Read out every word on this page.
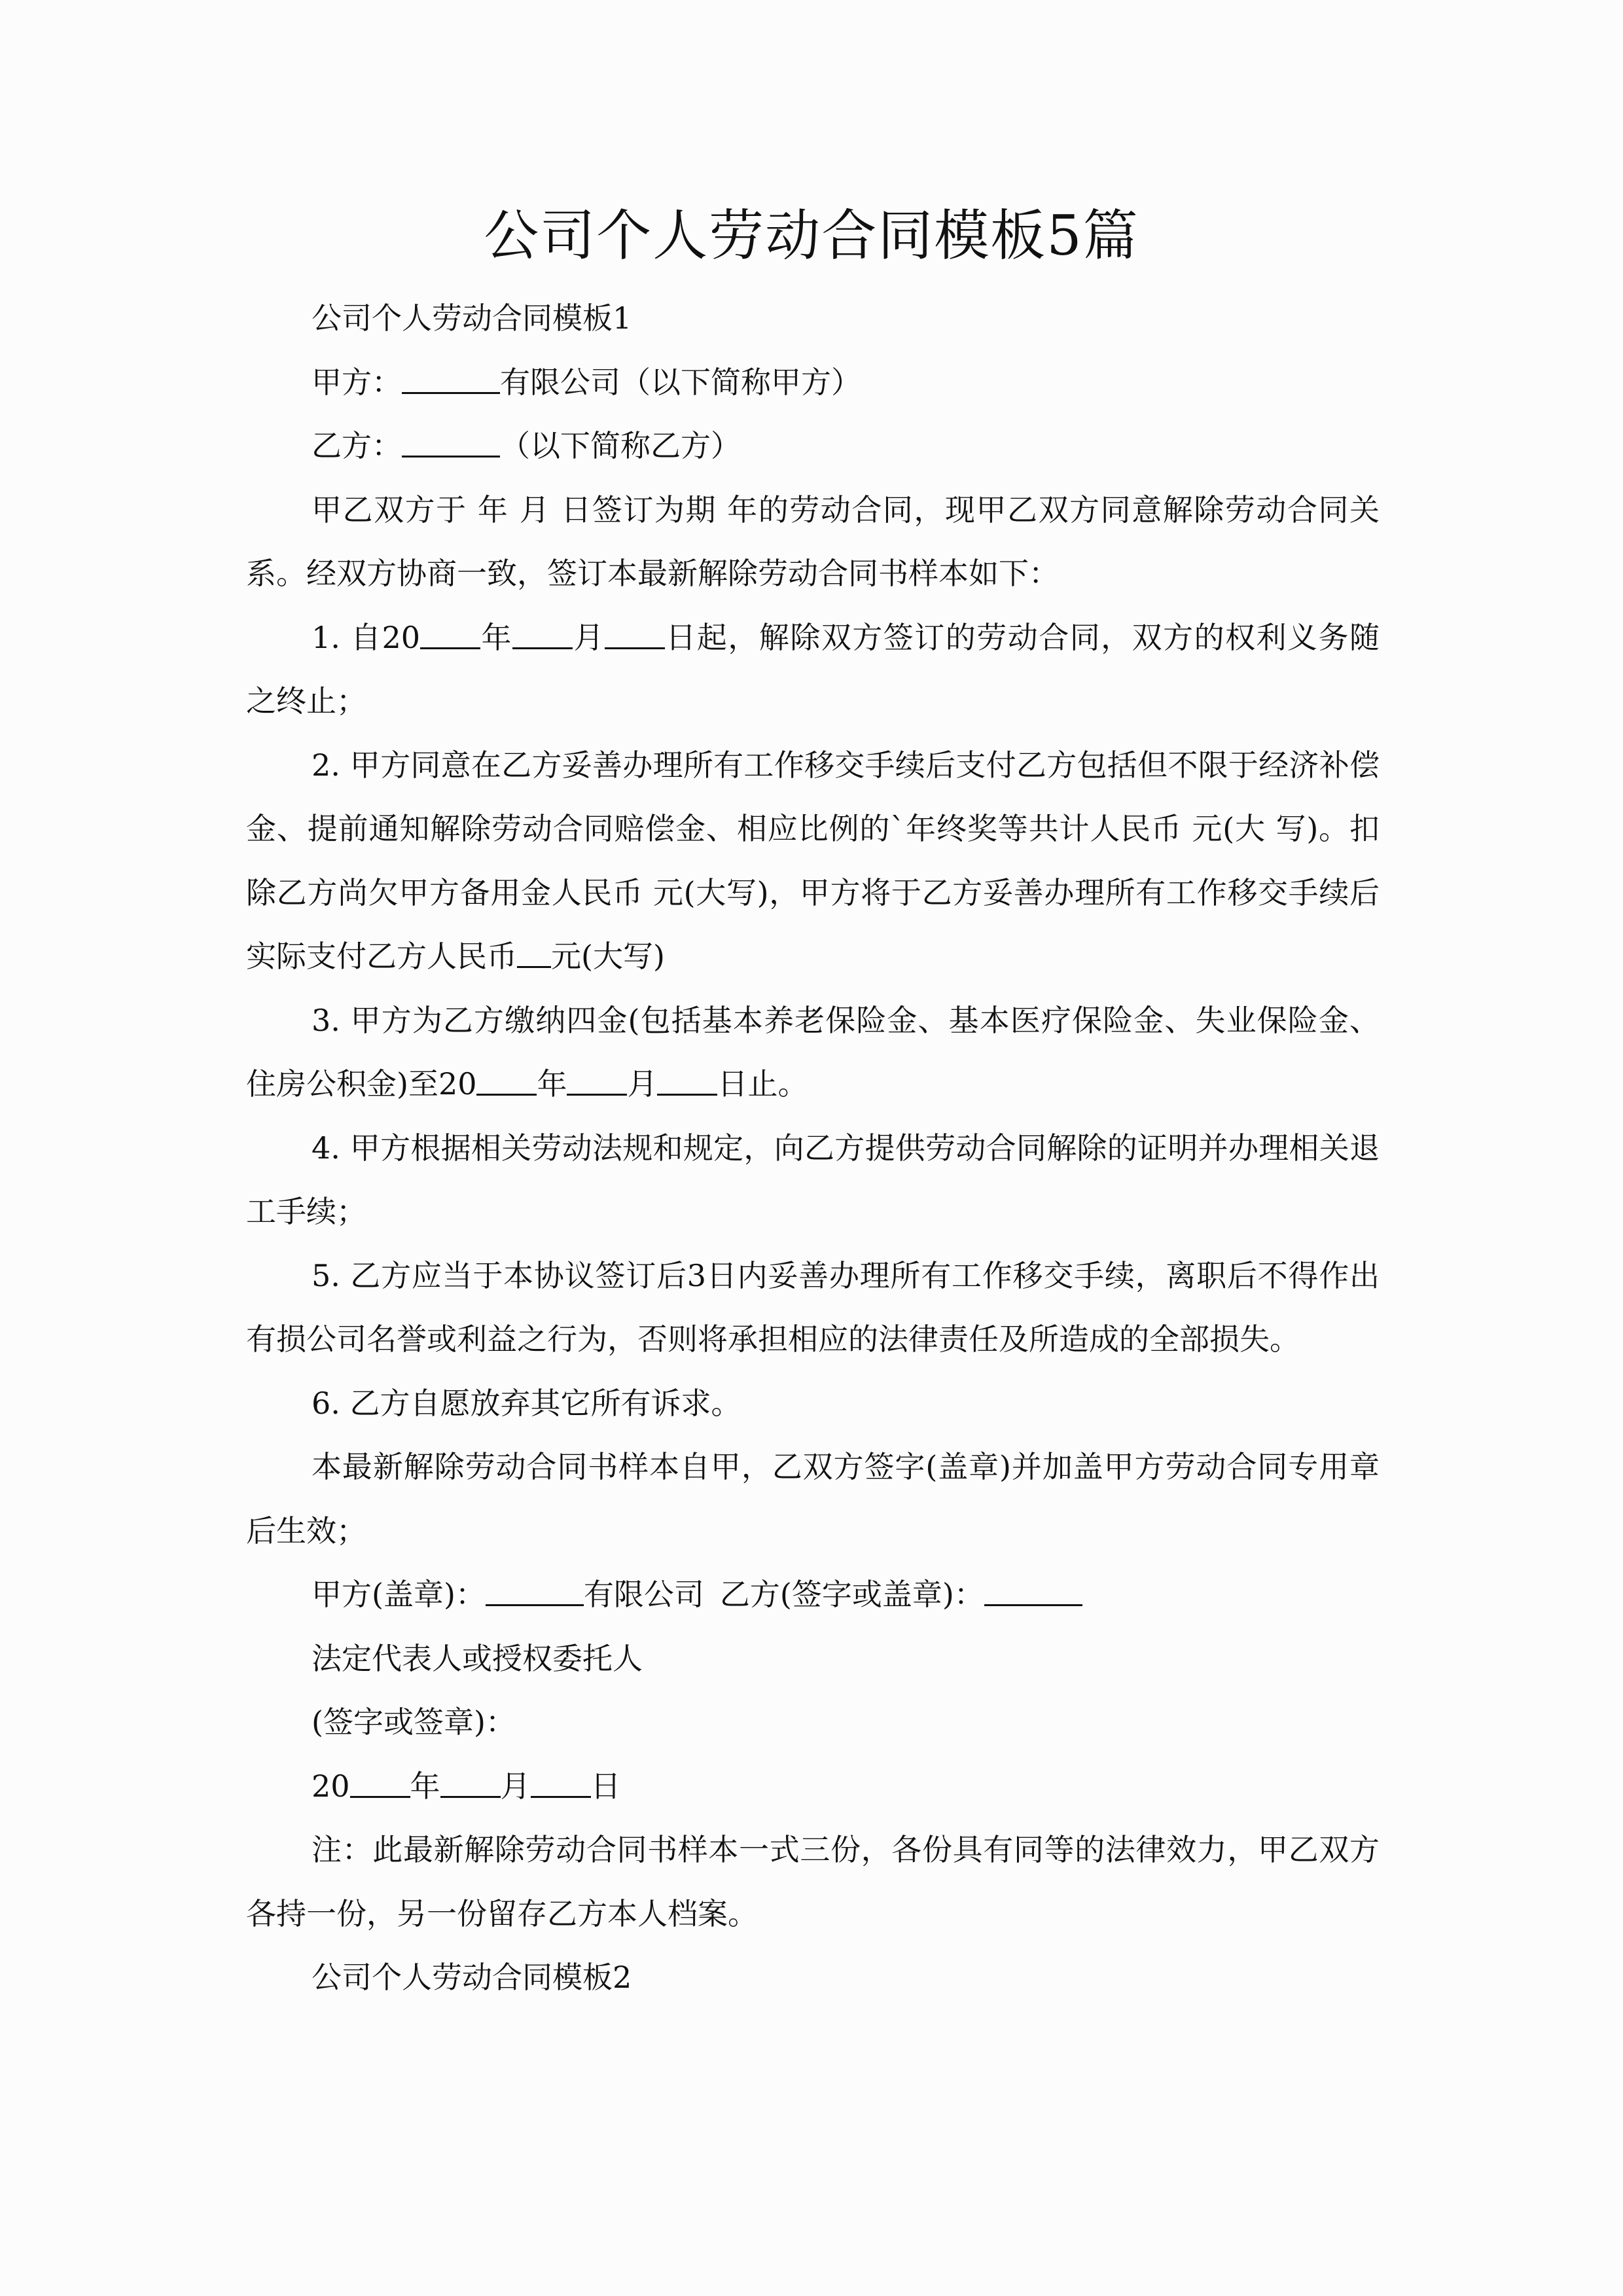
公司个人劳动合同模板5篇

公司个人劳动合同模板1

甲方：	有限公司（以下简称甲方）

乙方：	（以下简称乙方）

甲乙双方于 年 月 日签订为期 年的劳动合同，现甲乙双方同意解除劳动合同关系。经双方协商一致，签订本最新解除劳动合同书样本如下：

1. 自20 年 月 日起，解除双方签订的劳动合同，双方的权利义务随之终止；

2. 甲方同意在乙方妥善办理所有工作移交手续后支付乙方包括但不限于经济补偿金、提前通知解除劳动合同赔偿金、相应比例的`年终奖等共计人民币 元(大 写)。扣除乙方尚欠甲方备用金人民币 元(大写)，甲方将于乙方妥善办理所有工作移交手续后实际支付乙方人民币 元(大写)

3. 甲方为乙方缴纳四金(包括基本养老保险金、基本医疗保险金、失业保险金、住房公积金)至20 年 月 日止。

4. 甲方根据相关劳动法规和规定，向乙方提供劳动合同解除的证明并办理相关退工手续；

5. 乙方应当于本协议签订后3日内妥善办理所有工作移交手续，离职后不得作出有损公司名誉或利益之行为，否则将承担相应的法律责任及所造成的全部损失。

6. 乙方自愿放弃其它所有诉求。

本最新解除劳动合同书样本自甲，乙双方签字(盖章)并加盖甲方劳动合同专用章后生效；

甲方(盖章)：	有限公司 乙方(签字或盖章)：

法定代表人或授权委托人

(签字或签章)：

20 年 月 日

注：此最新解除劳动合同书样本一式三份，各份具有同等的法律效力，甲乙双方各持一份，另一份留存乙方本人档案。

公司个人劳动合同模板2
